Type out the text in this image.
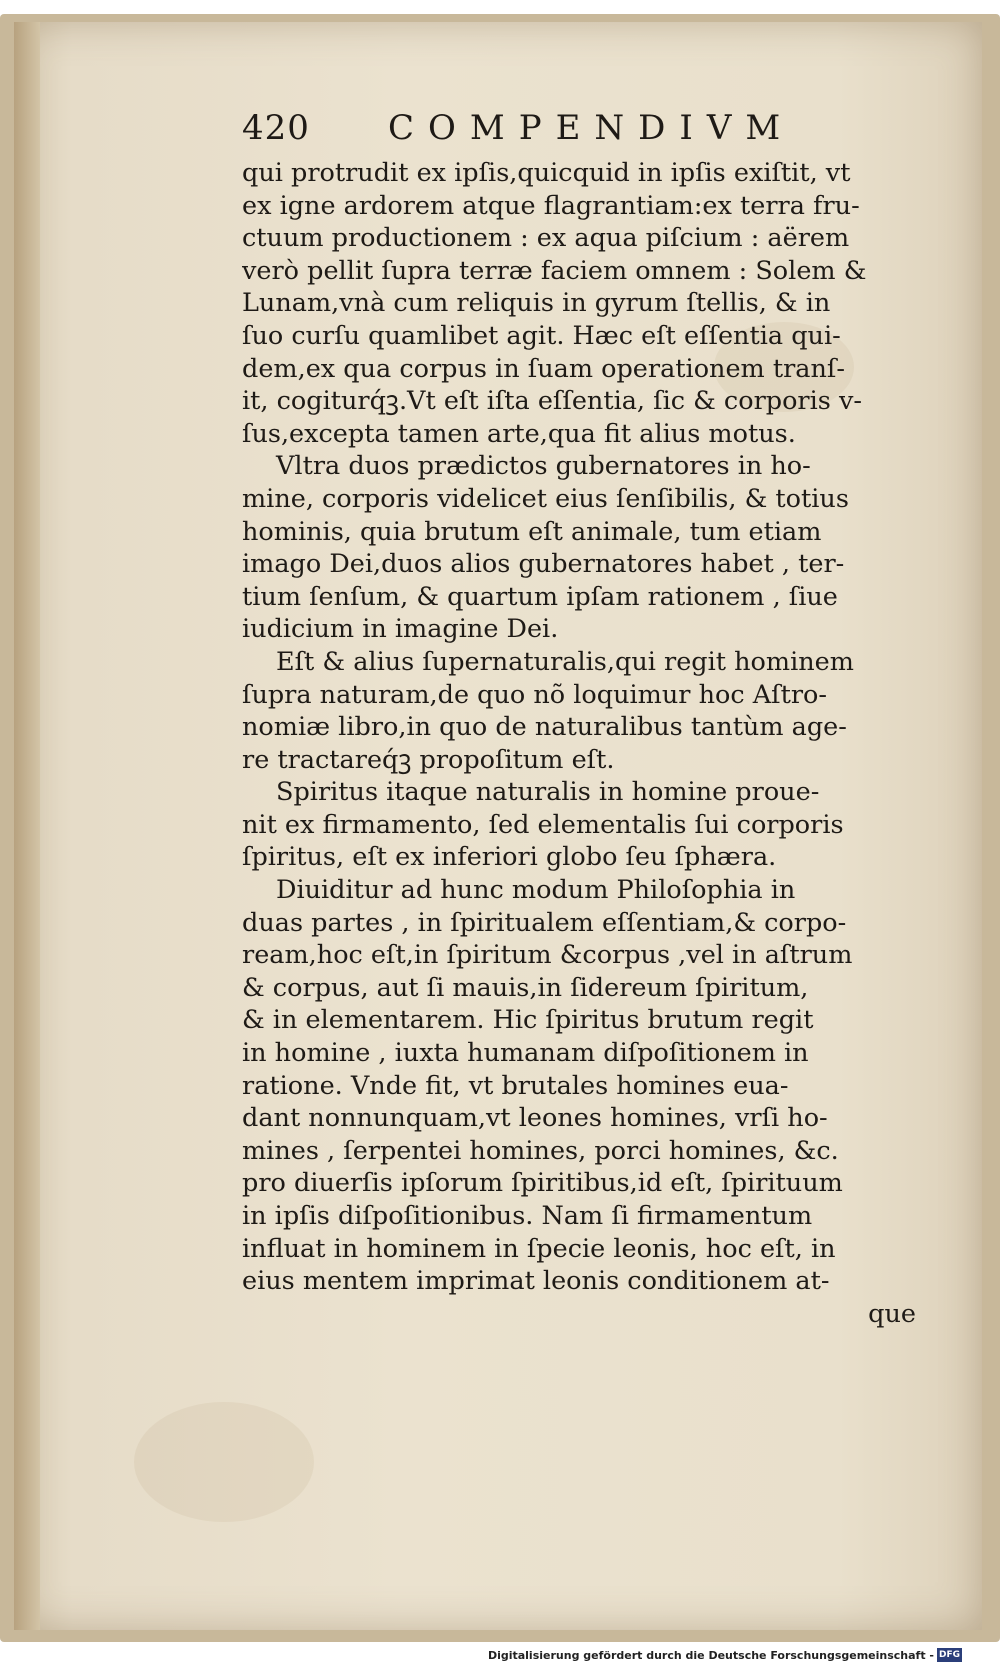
420 COMPENDIVM
qui protrudit ex ipſis,quicquid in ipſis exiſtit, vt
ex igne ardorem atque flagrantiam:ex terra fru-
ctuum productionem : ex aqua piſcium : aërem
verò pellit ſupra terræ faciem omnem : Solem &
Lunam,vnà cum reliquis in gyrum ſtellis, & in
ſuo curſu quamlibet agit. Hæc eſt eſſentia qui-
dem,ex qua corpus in ſuam operationem tranſ-
it, cogiturq́ꝫ.Vt eſt iſta eſſentia, ſic & corporis v-
ſus,excepta tamen arte,qua fit alius motus.
Vltra duos prædictos gubernatores in ho-
mine, corporis videlicet eius ſenſibilis, & totius
hominis, quia brutum eſt animale, tum etiam
imago Dei,duos alios gubernatores habet , ter-
tium ſenſum, & quartum ipſam rationem , ſiue
iudicium in imagine Dei.
Eſt & alius ſupernaturalis,qui regit hominem
ſupra naturam,de quo nõ loquimur hoc Aſtro-
nomiæ libro,in quo de naturalibus tantùm age-
re tractareq́ꝫ propoſitum eſt.
Spiritus itaque naturalis in homine proue-
nit ex firmamento, ſed elementalis ſui corporis
ſpiritus, eſt ex inferiori globo ſeu ſphæra.
Diuiditur ad hunc modum Philoſophia in
duas partes , in ſpiritualem eſſentiam,& corpo-
ream,hoc eſt,in ſpiritum &corpus ,vel in aſtrum
& corpus, aut ſi mauis,in ſidereum ſpiritum,
& in elementarem. Hic ſpiritus brutum regit
in homine , iuxta humanam diſpoſitionem in
ratione. Vnde fit, vt brutales homines eua-
dant nonnunquam,vt leones homines, vrſi ho-
mines , ſerpentei homines, porci homines, &c.
pro diuerſis ipſorum ſpiritibus,id eſt, ſpirituum
in ipſis diſpoſitionibus. Nam ſi firmamentum
influat in hominem in ſpecie leonis, hoc eſt, in
eius mentem imprimat leonis conditionem at-
que
Digitalisierung gefördert durch die Deutsche Forschungsgemeinschaft - DFG
